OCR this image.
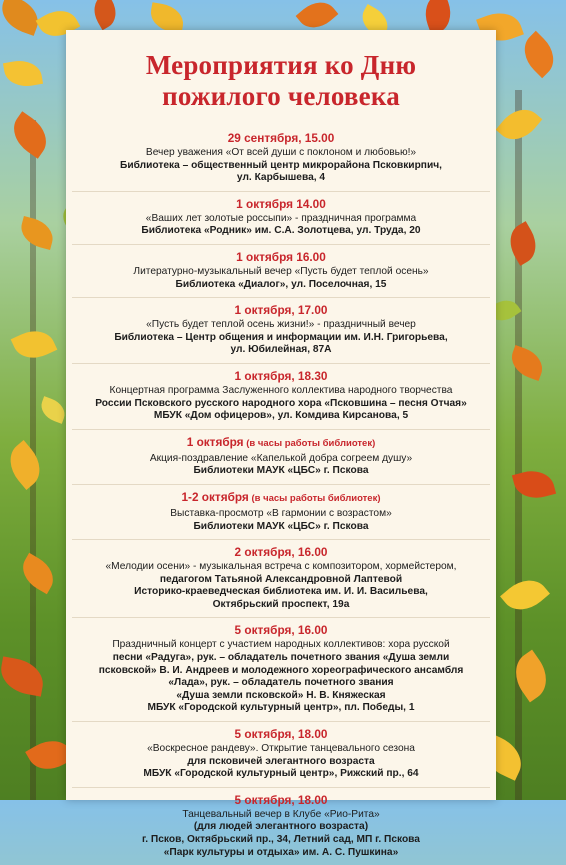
Мероприятия ко Дню
пожилого человека
29 сентября, 15.00
Вечер уважения «От всей души с поклоном и любовью!»
Библиотека – общественный центр микрорайона Псковкирпич,
ул. Карбышева, 4
1 октября 14.00
«Ваших лет золотые россыпи» - праздничная программа
Библиотека «Родник» им. С.А. Золотцева, ул. Труда, 20
1 октября 16.00
Литературно-музыкальный вечер «Пусть будет теплой осень»
Библиотека «Диалог», ул. Поселочная, 15
1 октября, 17.00
«Пусть будет теплой осень жизни!» - праздничный вечер
Библиотека – Центр общения и информации им. И.Н. Григорьева,
ул. Юбилейная, 87А
1 октября, 18.30
Концертная программа Заслуженного коллектива народного творчества
России Псковского русского народного хора «Псковшина – песня Отчая»
МБУК «Дом офицеров», ул. Комдива Кирсанова, 5
1 октября (в часы работы библиотек)
Акция-поздравление «Капелькой добра согреем душу»
Библиотеки МАУК «ЦБС» г. Пскова
1-2 октября (в часы работы библиотек)
Выставка-просмотр «В гармонии с возрастом»
Библиотеки МАУК «ЦБС» г. Пскова
2 октября, 16.00
«Мелодии осени» - музыкальная встреча с композитором, хормейстером,
педагогом Татьяной Александровной Лаптевой
Историко-краеведческая библиотека им. И. И. Васильева,
Октябрьский проспект, 19а
5 октября, 16.00
Праздничный концерт с участием народных коллективов: хора русской
песни «Радуга», рук. – обладатель почетного звания «Душа земли
псковской» В. И. Андреев и молодежного хореографического ансамбля
«Лада», рук. – обладатель почетного звания
«Душа земли псковской» Н. В. Княжеская
МБУК «Городской культурный центр», пл. Победы, 1
5 октября, 18.00
«Воскресное рандеву». Открытие танцевального сезона
для псковичей элегантного возраста
МБУК «Городской культурный центр», Рижский пр., 64
5 октября, 18.00
Танцевальный вечер в Клубе «Рио-Рита»
(для людей элегантного возраста)
г. Псков, Октябрьский пр., 34, Летний сад, МП г. Пскова
«Парк культуры и отдыха» им. А. С. Пушкина»
